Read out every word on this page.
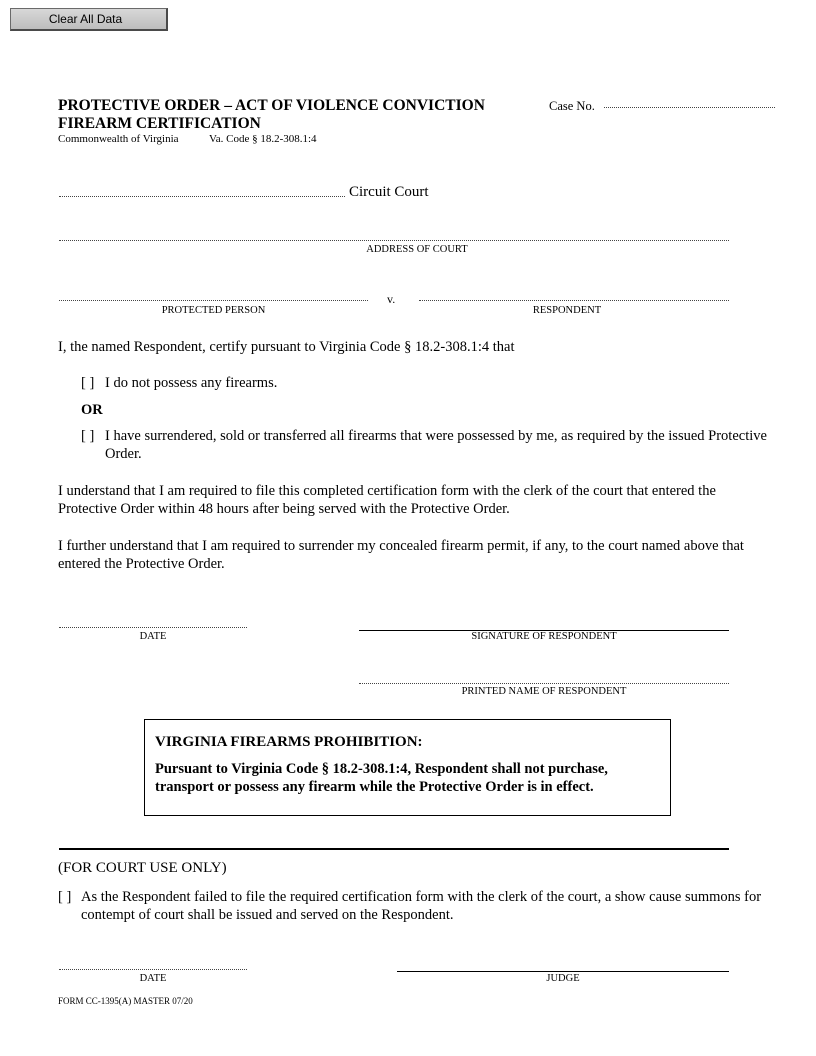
Clear All Data
PROTECTIVE ORDER – ACT OF VIOLENCE CONVICTION
FIREARM CERTIFICATION
Commonwealth of Virginia	Va. Code § 18.2-308.1:4
Case No.
Circuit Court
ADDRESS OF COURT
PROTECTED PERSON
v.
RESPONDENT
I, the named Respondent, certify pursuant to Virginia Code § 18.2-308.1:4 that
[ ] I do not possess any firearms.
OR
[ ] I have surrendered, sold or transferred all firearms that were possessed by me, as required by the issued Protective Order.
I understand that I am required to file this completed certification form with the clerk of the court that entered the Protective Order within 48 hours after being served with the Protective Order.
I further understand that I am required to surrender my concealed firearm permit, if any, to the court named above that entered the Protective Order.
DATE	SIGNATURE OF RESPONDENT
PRINTED NAME OF RESPONDENT
VIRGINIA FIREARMS PROHIBITION:
Pursuant to Virginia Code § 18.2-308.1:4, Respondent shall not purchase, transport or possess any firearm while the Protective Order is in effect.
(FOR COURT USE ONLY)
[ ] As the Respondent failed to file the required certification form with the clerk of the court, a show cause summons for contempt of court shall be issued and served on the Respondent.
DATE	JUDGE
FORM CC-1395(A) MASTER 07/20
